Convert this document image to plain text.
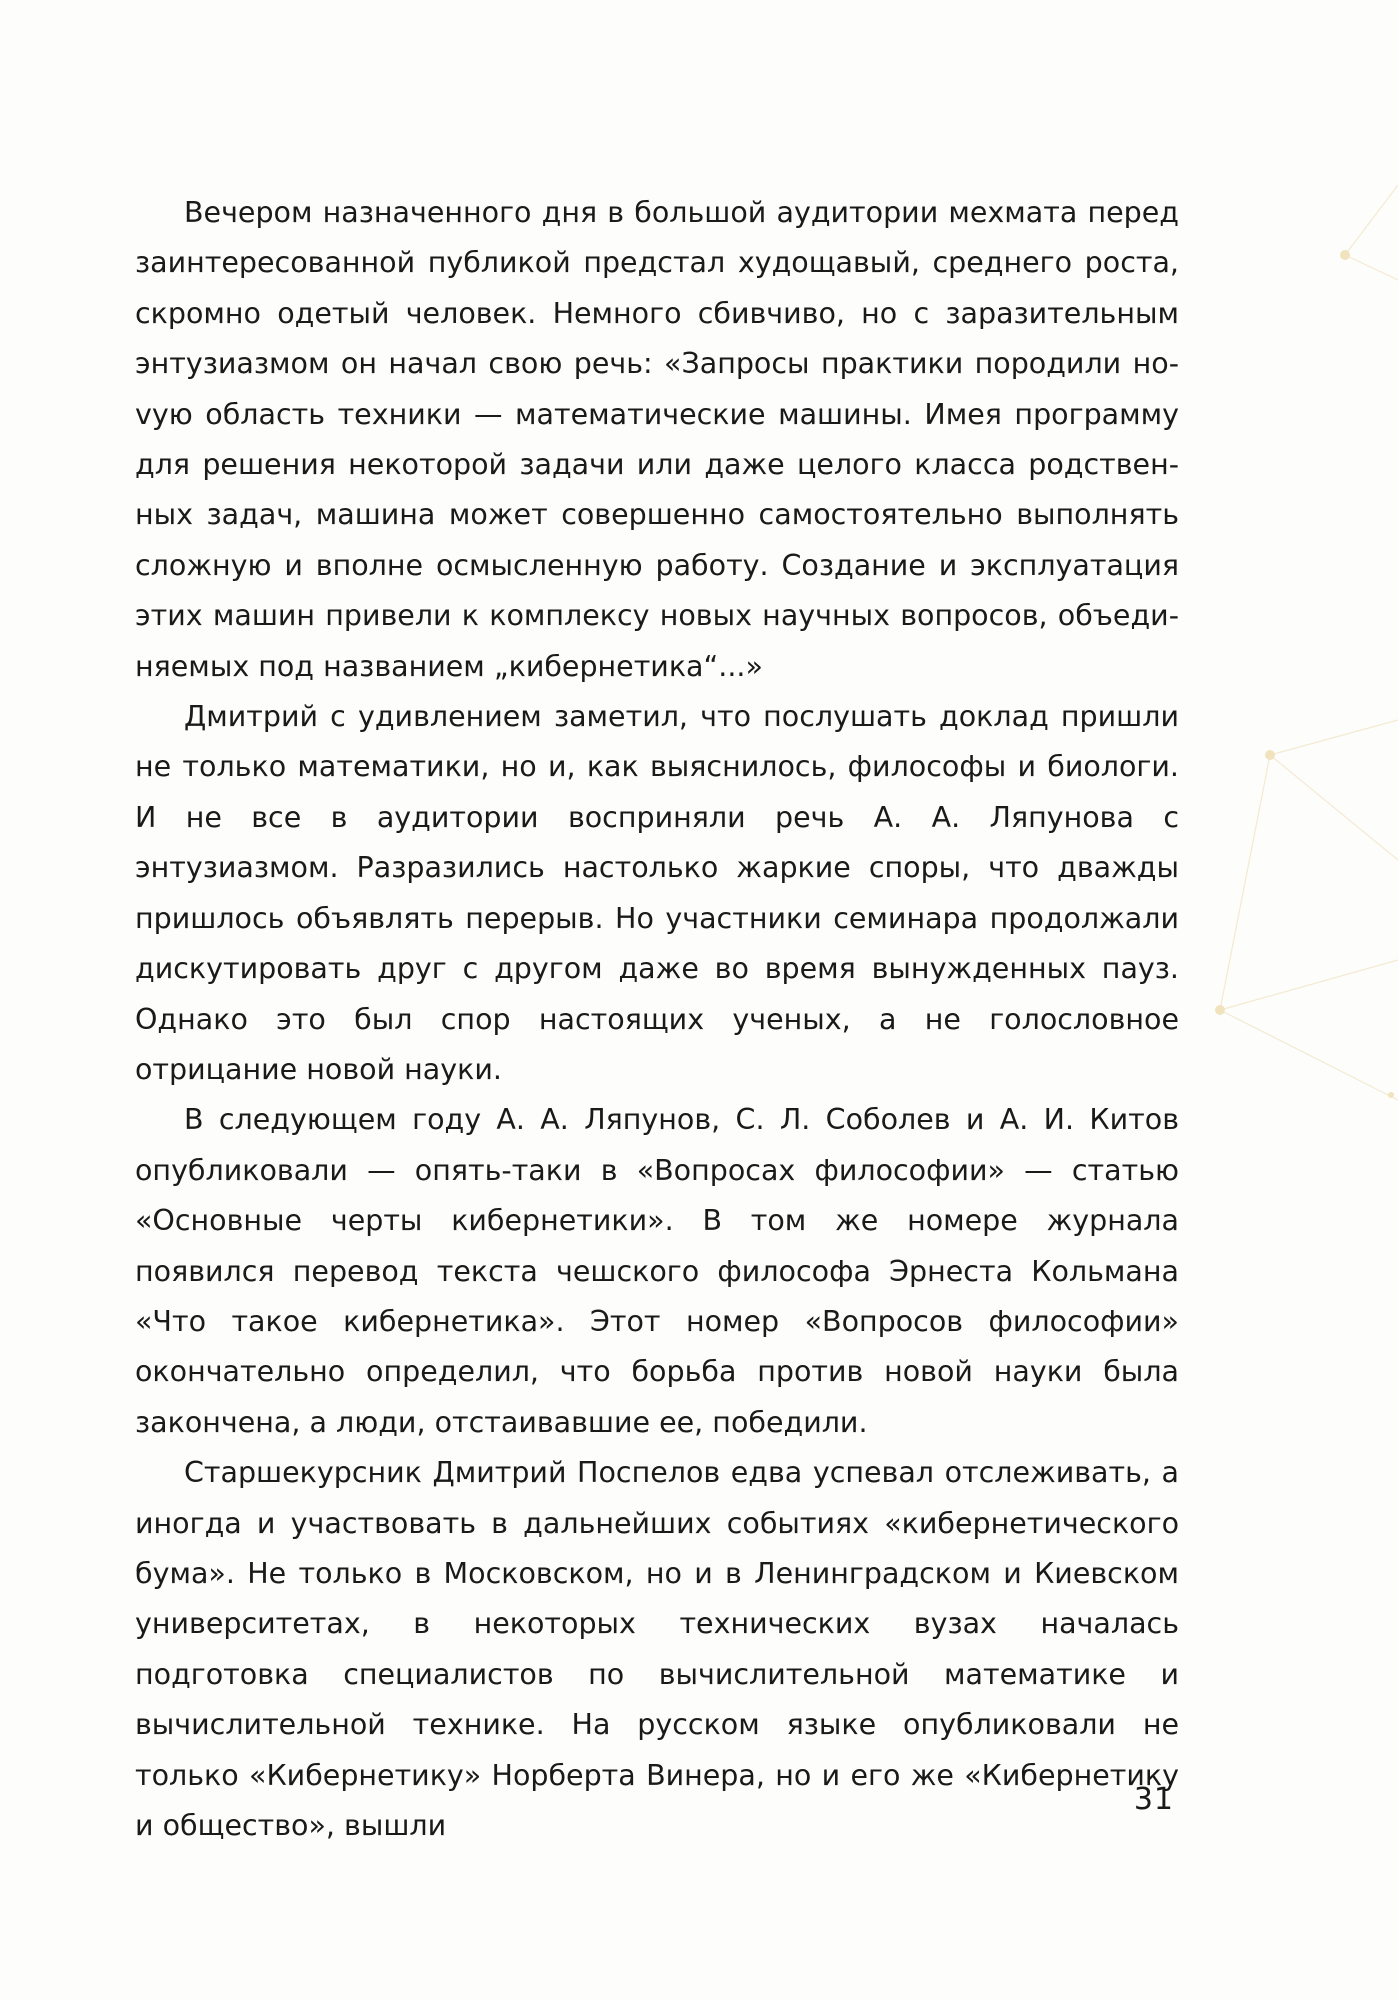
Вечером назначенного дня в большой аудитории мехмата перед заинтересованной публикой предстал худощавый, среднего роста, скромно одетый человек. Немного сбивчиво, но с заразительным энтузиазмом он начал свою речь: «Запросы практики породили ноvую область техники — математические машины. Имея программу для решения некоторой задачи или даже целого класса родственных задач, машина может совершенно самостоятельно выполнять сложную и вполне осмысленную работу. Создание и эксплуатация этих машин привели к комплексу новых научных вопросов, объединяемых под названием „кибернетика“...»

Дмитрий с удивлением заметил, что послушать доклад пришли не только математики, но и, как выяснилось, философы и биологи. И не все в аудитории восприняли речь А. А. Ляпунова с энтузиазмом. Разразились настолько жаркие споры, что дважды пришлось объявлять перерыв. Но участники семинара продолжали дискутировать друг с другом даже во время вынужденных пауз. Однако это был спор настоящих ученых, а не голословное отрицание новой науки.

В следующем году А. А. Ляпунов, С. Л. Соболев и А. И. Китов опубликовали — опять-таки в «Вопросах философии» — статью «Основные черты кибернетики». В том же номере журнала появился перевод текста чешского философа Эрнеста Кольмана «Что такое кибернетика». Этот номер «Вопросов философии» окончательно определил, что борьба против новой науки была закончена, а люди, отстаивавшие ее, победили.

Старшекурсник Дмитрий Поспелов едва успевал отслеживать, а иногда и участвовать в дальнейших событиях «кибернетического бума». Не только в Московском, но и в Ленинградском и Киевском университетах, в некоторых технических вузах началась подготовка специалистов по вычислительной математике и вычислительной технике. На русском языке опубликовали не только «Кибернетику» Норберта Винера, но и его же «Кибернетику и общество», вышли

31
